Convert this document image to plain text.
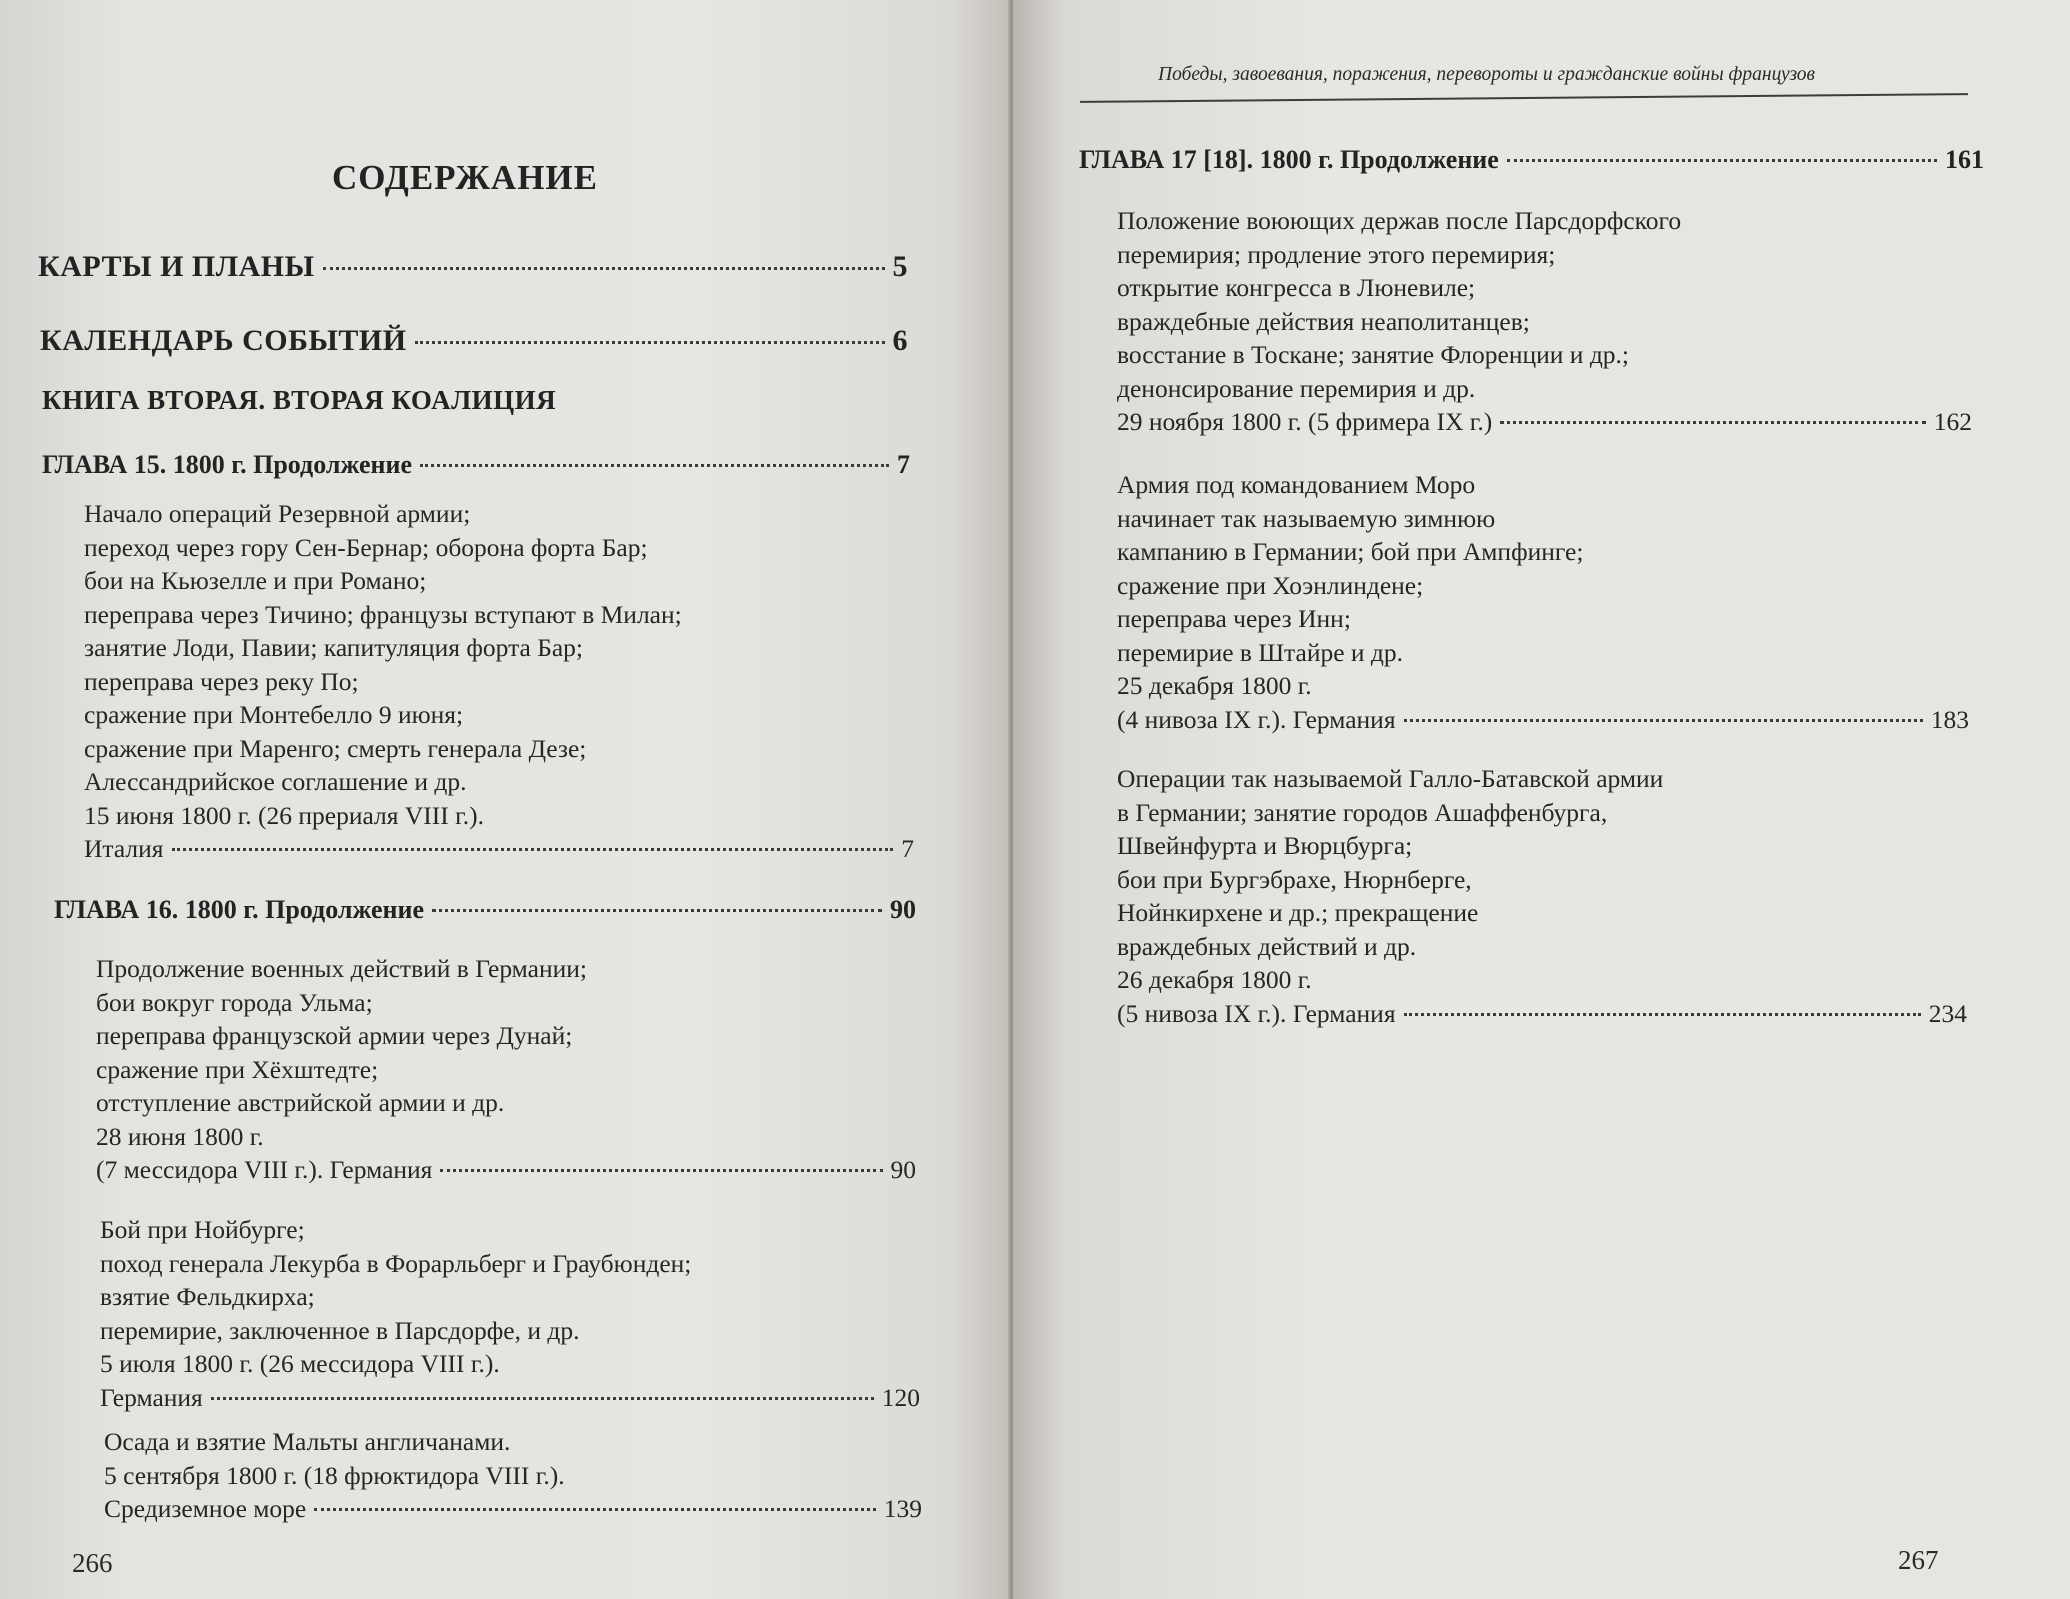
СОДЕРЖАНИЕ
КАРТЫ И ПЛАНЫ	5
КАЛЕНДАРЬ СОБЫТИЙ	6
КНИГА ВТОРАЯ. ВТОРАЯ КОАЛИЦИЯ
ГЛАВА 15. 1800 г. Продолжение	7
Начало операций Резервной армии;
переход через гору Сен-Бернар; оборона форта Бар;
бои на Кьюзелле и при Романо;
переправа через Тичино; французы вступают в Милан;
занятие Лоди, Павии; капитуляция форта Бар;
переправа через реку По;
сражение при Монтебелло 9 июня;
сражение при Маренго; смерть генерала Дезе;
Алессандрийское соглашение и др.
15 июня 1800 г. (26 прериаля VIII г.).
Италия	7
ГЛАВА 16. 1800 г. Продолжение	90
Продолжение военных действий в Германии;
бои вокруг города Ульма;
переправа французской армии через Дунай;
сражение при Хёхштедте;
отступление австрийской армии и др.
28 июня 1800 г.
(7 мессидора VIII г.). Германия	90
Бой при Нойбурге;
поход генерала Лекурба в Форарльберг и Граубюнден;
взятие Фельдкирха;
перемирие, заключенное в Парсдорфе, и др.
5 июля 1800 г. (26 мессидора VIII г.).
Германия	120
Осада и взятие Мальты англичанами.
5 сентября 1800 г. (18 фрюктидора VIII г.).
Средиземное море	139
266
Победы, завоевания, поражения, перевороты и гражданские войны французов
ГЛАВА 17 [18]. 1800 г. Продолжение	161
Положение воюющих держав после Парсдорфского
перемирия; продление этого перемирия;
открытие конгресса в Люневиле;
враждебные действия неаполитанцев;
восстание в Тоскане; занятие Флоренции и др.;
денонсирование перемирия и др.
29 ноября 1800 г. (5 фримера IX г.)	162
Армия под командованием Моро
начинает так называемую зимнюю
кампанию в Германии; бой при Ампфинге;
сражение при Хоэнлиндене;
переправа через Инн;
перемирие в Штайре и др.
25 декабря 1800 г.
(4 нивоза IX г.). Германия	183
Операции так называемой Галло-Батавской армии
в Германии; занятие городов Ашаффенбурга,
Швейнфурта и Вюрцбурга;
бои при Бургэбрахе, Нюрнберге,
Нойнкирхене и др.; прекращение
враждебных действий и др.
26 декабря 1800 г.
(5 нивоза IX г.). Германия	234
267
